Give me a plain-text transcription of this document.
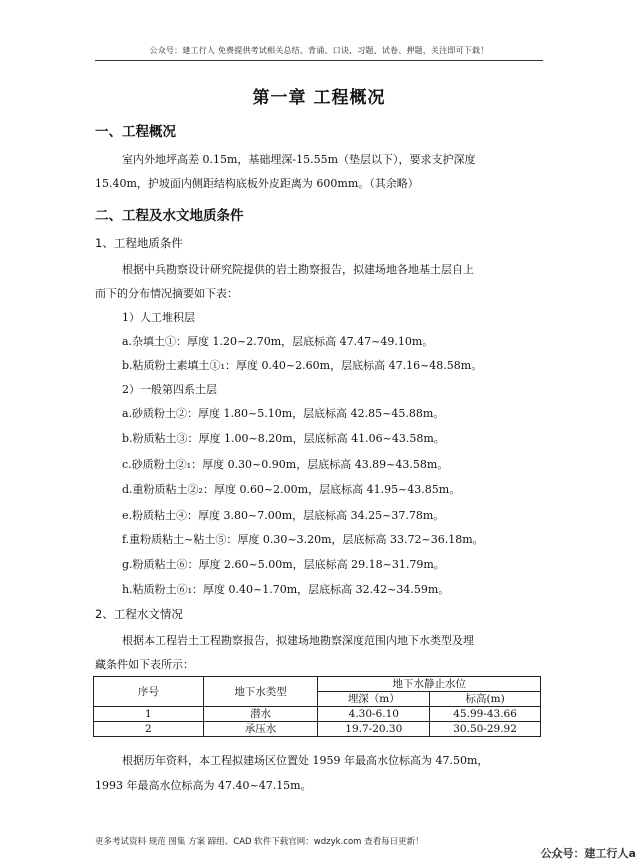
公众号：建工行人 免费提供考试相关总结、背诵、口诀、习题、试卷、押题，关注即可下载！
第一章 工程概况
一、工程概况
室内外地坪高差 0.15m，基础埋深-15.55m（垫层以下），要求支护深度
15.40m，护坡面内侧距结构底板外皮距离为 600mm。（其余略）
二、工程及水文地质条件
1、工程地质条件
根据中兵勘察设计研究院提供的岩土勘察报告，拟建场地各地基土层自上
而下的分布情况摘要如下表：
1）人工堆积层
a.杂填土①：厚度 1.20~2.70m，层底标高 47.47~49.10m。
b.粘质粉土素填土①₁：厚度 0.40~2.60m，层底标高 47.16~48.58m。
2）一般第四系土层
a.砂质粉土②：厚度 1.80~5.10m，层底标高 42.85~45.88m。
b.粉质粘土③：厚度 1.00~8.20m，层底标高 41.06~43.58m。
c.砂质粉土②₁：厚度 0.30~0.90m，层底标高 43.89~43.58m。
d.重粉质粘土②₂：厚度 0.60~2.00m，层底标高 41.95~43.85m。
e.粉质粘土④：厚度 3.80~7.00m，层底标高 34.25~37.78m。
f.重粉质粘土~粘土⑤：厚度 0.30~3.20m，层底标高 33.72~36.18m。
g.粉质粘土⑥：厚度 2.60~5.00m，层底标高 29.18~31.79m。
h.粘质粉土⑥₁：厚度 0.40~1.70m，层底标高 32.42~34.59m。
2、工程水文情况
根据本工程岩土工程勘察报告，拟建场地勘察深度范围内地下水类型及埋
藏条件如下表所示：
序号	地下水类型	地下水静止水位	
		埋深（m）	标高(m)
1	潜水	4.30-6.10	45.99-43.66
2	承压水	19.7-20.30	30.50-29.92
根据历年资料，本工程拟建场区位置处 1959 年最高水位标高为 47.50m，
1993 年最高水位标高为 47.40~47.15m。
更多考试资料 规范 图集 方案 蹄组、CAD 软件下载官网：wdzyk.com 查看每日更新！
公众号：建工行人a
